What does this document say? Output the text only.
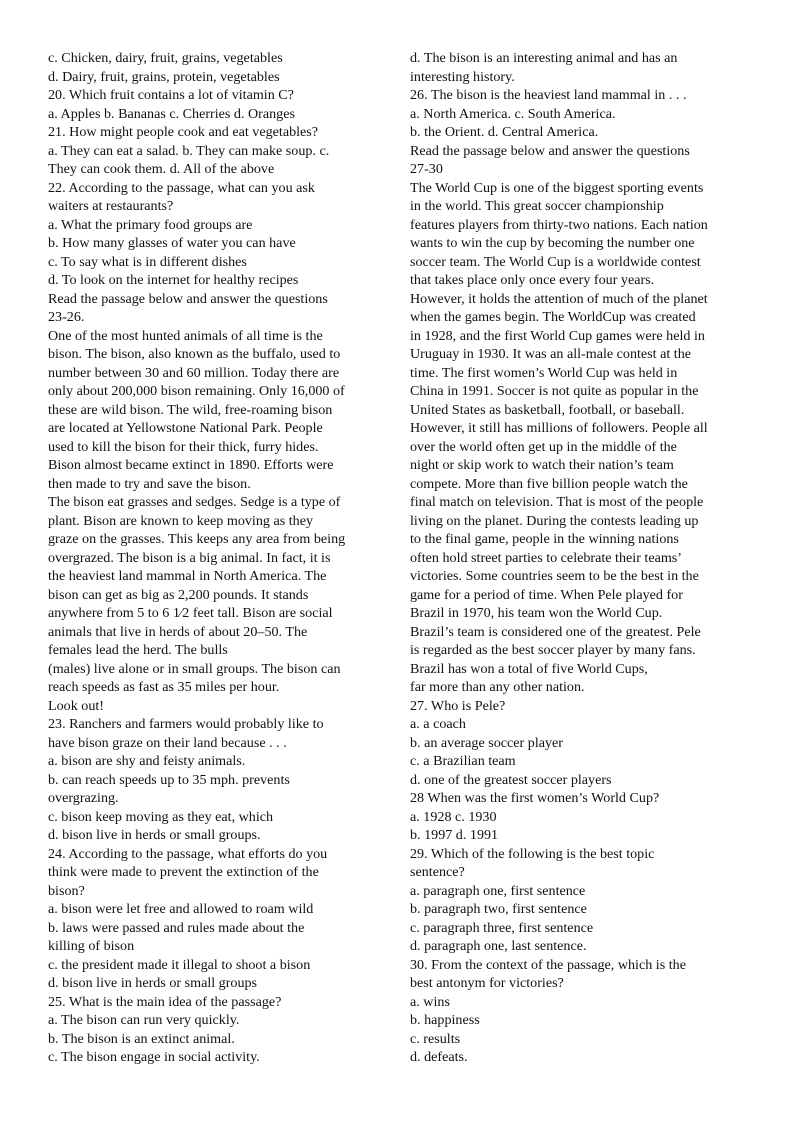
c. Chicken, dairy, fruit, grains, vegetables
d. Dairy, fruit, grains, protein, vegetables
20. Which fruit contains a lot of vitamin C?
a. Apples b. Bananas c. Cherries d. Oranges
21. How might people cook and eat vegetables?
a. They can eat a salad. b. They can make soup. c.
They can cook them. d. All of the above
22. According to the passage, what can you ask
waiters at restaurants?
a. What the primary food groups are
b. How many glasses of water you can have
c. To say what is in different dishes
d. To look on the internet for healthy recipes
Read the passage below and answer the questions
23-26.
One of the most hunted animals of all time is the
bison. The bison, also known as the buffalo, used to
number between 30 and 60 million. Today there are
only about 200,000 bison remaining. Only 16,000 of
these are wild bison. The wild, free-roaming bison
are located at Yellowstone National Park. People
used to kill the bison for their thick, furry hides.
Bison almost became extinct in 1890. Efforts were
then made to try and save the bison.
The bison eat grasses and sedges. Sedge is a type of
plant. Bison are known to keep moving as they
graze on the grasses. This keeps any area from being
overgrazed. The bison is a big animal. In fact, it is
the heaviest land mammal in North America. The
bison can get as big as 2,200 pounds. It stands
anywhere from 5 to 6 1⁄2 feet tall. Bison are social
animals that live in herds of about 20–50. The
females lead the herd. The bulls
(males) live alone or in small groups. The bison can
reach speeds as fast as 35 miles per hour.
Look out!
23. Ranchers and farmers would probably like to
have bison graze on their land because . . .
a. bison are shy and feisty animals.
b. can reach speeds up to 35 mph. prevents
overgrazing.
c. bison keep moving as they eat, which
d. bison live in herds or small groups.
24. According to the passage, what efforts do you
think were made to prevent the extinction of the
bison?
a. bison were let free and allowed to roam wild
b. laws were passed and rules made about the
killing of bison
c. the president made it illegal to shoot a bison
d. bison live in herds or small groups
25. What is the main idea of the passage?
a. The bison can run very quickly.
b. The bison is an extinct animal.
c. The bison engage in social activity.
d. The bison is an interesting animal and has an
interesting history.
26. The bison is the heaviest land mammal in . . .
a. North America. c. South America.
b. the Orient. d. Central America.
Read the passage below and answer the questions
27-30
The World Cup is one of the biggest sporting events
in the world. This great soccer championship
features players from thirty-two nations. Each nation
wants to win the cup by becoming the number one
soccer team. The World Cup is a worldwide contest
that takes place only once every four years.
However, it holds the attention of much of the planet
when the games begin. The WorldCup was created
in 1928, and the first World Cup games were held in
Uruguay in 1930. It was an all-male contest at the
time. The first women’s World Cup was held in
China in 1991. Soccer is not quite as popular in the
United States as basketball, football, or baseball.
However, it still has millions of followers. People all
over the world often get up in the middle of the
night or skip work to watch their nation’s team
compete. More than five billion people watch the
final match on television. That is most of the people
living on the planet. During the contests leading up
to the final game, people in the winning nations
often hold street parties to celebrate their teams’
victories. Some countries seem to be the best in the
game for a period of time. When Pele played for
Brazil in 1970, his team won the World Cup.
Brazil’s team is considered one of the greatest. Pele
is regarded as the best soccer player by many fans.
Brazil has won a total of five World Cups,
far more than any other nation.
27. Who is Pele?
a. a coach
b. an average soccer player
c. a Brazilian team
d. one of the greatest soccer players
28 When was the first women’s World Cup?
a. 1928 c. 1930
b. 1997 d. 1991
29. Which of the following is the best topic
sentence?
a. paragraph one, first sentence
b. paragraph two, first sentence
c. paragraph three, first sentence
d. paragraph one, last sentence.
30. From the context of the passage, which is the
best antonym for victories?
a. wins
b. happiness
c. results
d. defeats.
